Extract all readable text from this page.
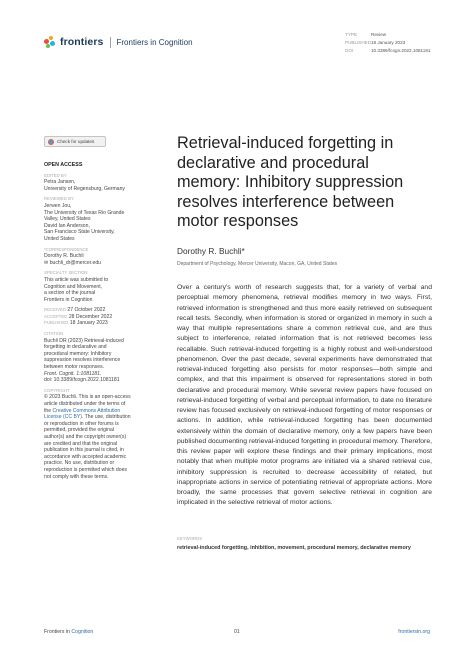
frontiers Frontiers in Cognition
TYPE	Review
PUBLISHED18 January 2023
DOI	10.3389/fcogn.2022.1081181
Check for updates
OPEN ACCESS
EDITED BY

Petra Jansen,

University of Regensburg, Germany

REVIEWED BY

Jerwen Jou,

The University of Texas Rio Grande

Valley, United States

David Ian Anderson,

San Francisco State University,

United States

*CORRESPONDENCE

Dorothy R. Buchli

✉ buchli_dr@mercer.edu

SPECIALTY SECTION

This article was submitted to

Cognition and Movement,

a section of the journal

Frontiers in Cognition

RECEIVED 27 October 2022

ACCEPTED 28 December 2022

PUBLISHED 18 January 2023

CITATION

Buchli DR (2023) Retrieval-induced

forgetting in declarative and

procedural memory: Inhibitory

suppression resolves interference

between motor responses.

Front. Cognit. 1:1081181.

doi: 10.3389/fcogn.2022.1081181

COPYRIGHT

© 2023 Buchli. This is an open-access

article distributed under the terms of

the Creative Commons Attribution

License (CC BY). The use, distribution

or reproduction in other forums is

permitted, provided the original

author(s) and the copyright owner(s)

are credited and that the original

publication in this journal is cited, in

accordance with accepted academic

practice. No use, distribution or

reproduction is permitted which does

not comply with these terms.

Retrieval-induced forgetting in
declarative and procedural
memory: Inhibitory suppression
resolves interference between
motor responses
Dorothy R. Buchli*
Department of Psychology, Mercer University, Macon, GA, United States
Over a century's worth of research suggests that, for a variety of verbal and perceptual memory phenomena, retrieval modifies memory in two ways. First, retrieved information is strengthened and thus more easily retrieved on subsequent recall tests. Secondly, when information is stored or organized in memory in such a way that multiple representations share a common retrieval cue, and are thus subject to interference, related information that is not retrieved becomes less recallable. Such retrieval-induced forgetting is a highly robust and well-understood phenomenon. Over the past decade, several experiments have demonstrated that retrieval-induced forgetting also persists for motor responses—both simple and complex, and that this impairment is observed for representations stored in both declarative and procedural memory. While several review papers have focused on retrieval-induced forgetting of verbal and perceptual information, to date no literature review has focused exclusively on retrieval-induced forgetting of motor responses or actions. In addition, while retrieval-induced forgetting has been documented extensively within the domain of declarative memory, only a few papers have been published documenting retrieval-induced forgetting in procedural memory. Therefore, this review paper will explore these findings and their primary implications, most notably that when multiple motor programs are initiated via a shared retrieval cue, inhibitory suppression is recruited to decrease accessibility of related, but inappropriate actions in service of potentiating retrieval of appropriate actions. More broadly, the same processes that govern selective retrieval in cognition are implicated in the selective retrieval of motor actions.
KEYWORDS
retrieval-induced forgetting, inhibition, movement, procedural memory, declarative memory
Frontiers in Cognition	01	frontiersin.org
